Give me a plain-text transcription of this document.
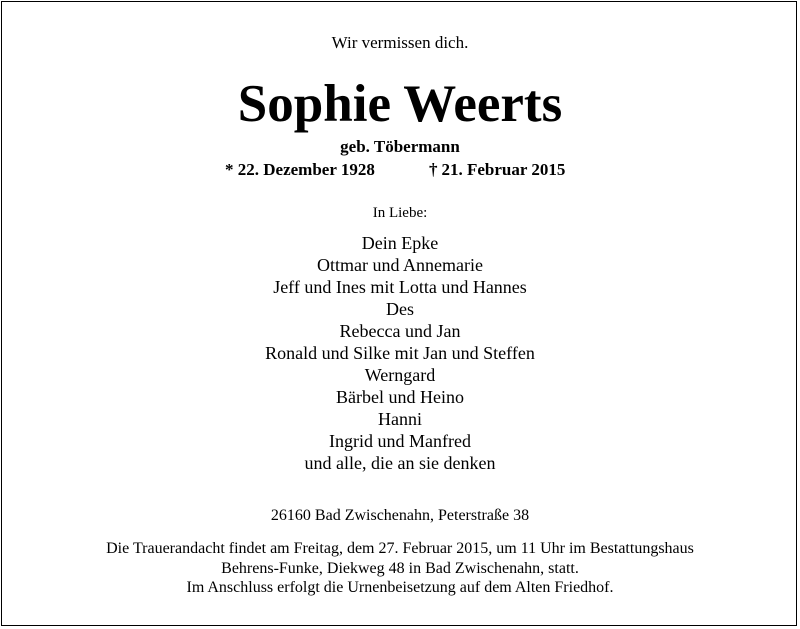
Wir vermissen dich.
Sophie Weerts
geb. Töbermann
* 22. Dezember 1928	† 21. Februar 2015
In Liebe:
Dein Epke
Ottmar und Annemarie
Jeff und Ines mit Lotta und Hannes
Des
Rebecca und Jan
Ronald und Silke mit Jan und Steffen
Werngard
Bärbel und Heino
Hanni
Ingrid und Manfred
und alle, die an sie denken
26160 Bad Zwischenahn, Peterstraße 38
Die Trauerandacht findet am Freitag, dem 27. Februar 2015, um 11 Uhr im Bestattungshaus
Behrens-Funke, Diekweg 48 in Bad Zwischenahn, statt.
Im Anschluss erfolgt die Urnenbeisetzung auf dem Alten Friedhof.
